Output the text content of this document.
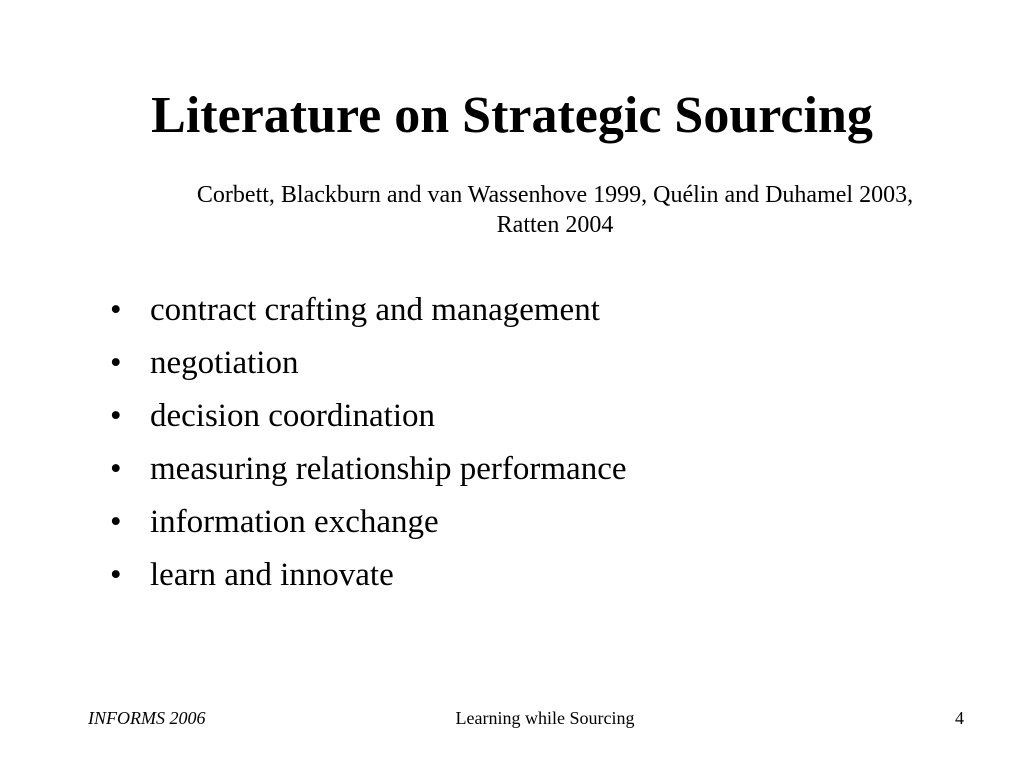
Literature on Strategic Sourcing
Corbett, Blackburn and van Wassenhove 1999, Quélin and Duhamel 2003,
Ratten 2004
• contract crafting and management
• negotiation
• decision coordination
• measuring relationship performance
• information exchange
• learn and innovate
INFORMS 2006	Learning while Sourcing	4
